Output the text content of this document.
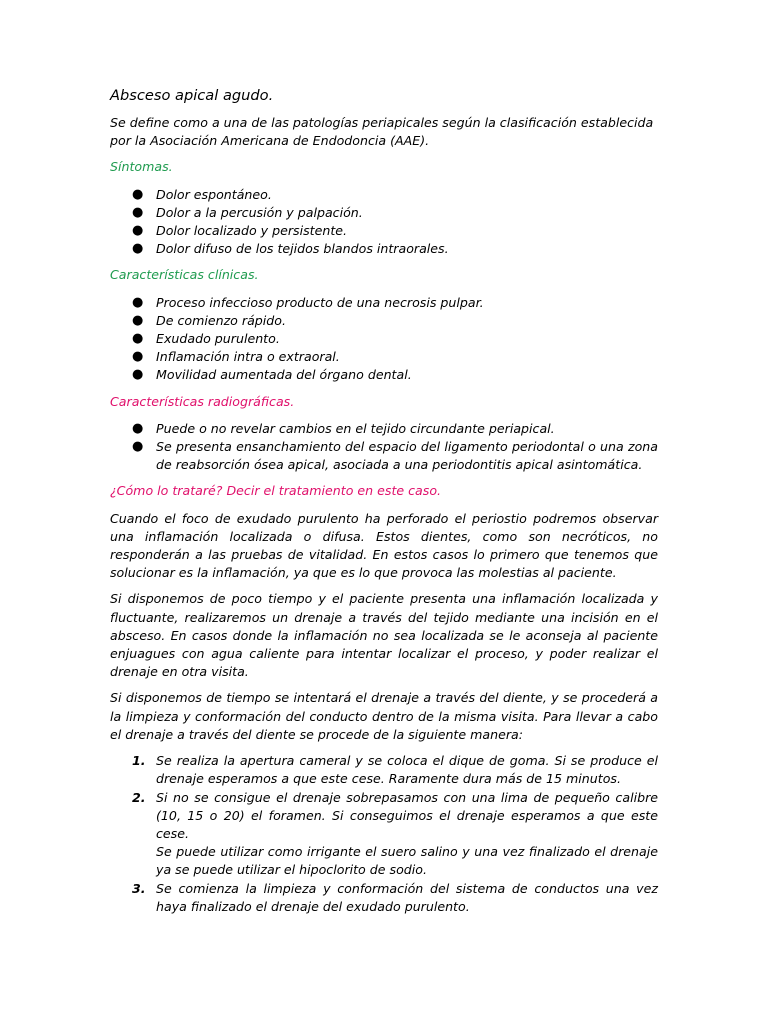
Absceso apical agudo.

Se define como a una de las patologías periapicales según la clasificación establecida por la Asociación Americana de Endodoncia (AAE).

Síntomas.

● Dolor espontáneo.
● Dolor a la percusión y palpación.
● Dolor localizado y persistente.
● Dolor difuso de los tejidos blandos intraorales.

Características clínicas.

● Proceso infeccioso producto de una necrosis pulpar.
● De comienzo rápido.
● Exudado purulento.
● Inflamación intra o extraoral.
● Movilidad aumentada del órgano dental.

Características radiográficas.

● Puede o no revelar cambios en el tejido circundante periapical.
● Se presenta ensanchamiento del espacio del ligamento periodontal o una zona de reabsorción ósea apical, asociada a una periodontitis apical asintomática.

¿Cómo lo trataré? Decir el tratamiento en este caso.

Cuando el foco de exudado purulento ha perforado el periostio podremos observar una inflamación localizada o difusa. Estos dientes, como son necróticos, no responderán a las pruebas de vitalidad. En estos casos lo primero que tenemos que solucionar es la inflamación, ya que es lo que provoca las molestias al paciente.

Si disponemos de poco tiempo y el paciente presenta una inflamación localizada y fluctuante, realizaremos un drenaje a través del tejido mediante una incisión en el absceso. En casos donde la inflamación no sea localizada se le aconseja al paciente enjuagues con agua caliente para intentar localizar el proceso, y poder realizar el drenaje en otra visita.

Si disponemos de tiempo se intentará el drenaje a través del diente, y se procederá a la limpieza y conformación del conducto dentro de la misma visita. Para llevar a cabo el drenaje a través del diente se procede de la siguiente manera:

1. Se realiza la apertura cameral y se coloca el dique de goma. Si se produce el drenaje esperamos a que este cese. Raramente dura más de 15 minutos.
2. Si no se consigue el drenaje sobrepasamos con una lima de pequeño calibre (10, 15 o 20) el foramen. Si conseguimos el drenaje esperamos a que este cese.
Se puede utilizar como irrigante el suero salino y una vez finalizado el drenaje ya se puede utilizar el hipoclorito de sodio.
3. Se comienza la limpieza y conformación del sistema de conductos una vez haya finalizado el drenaje del exudado purulento.
